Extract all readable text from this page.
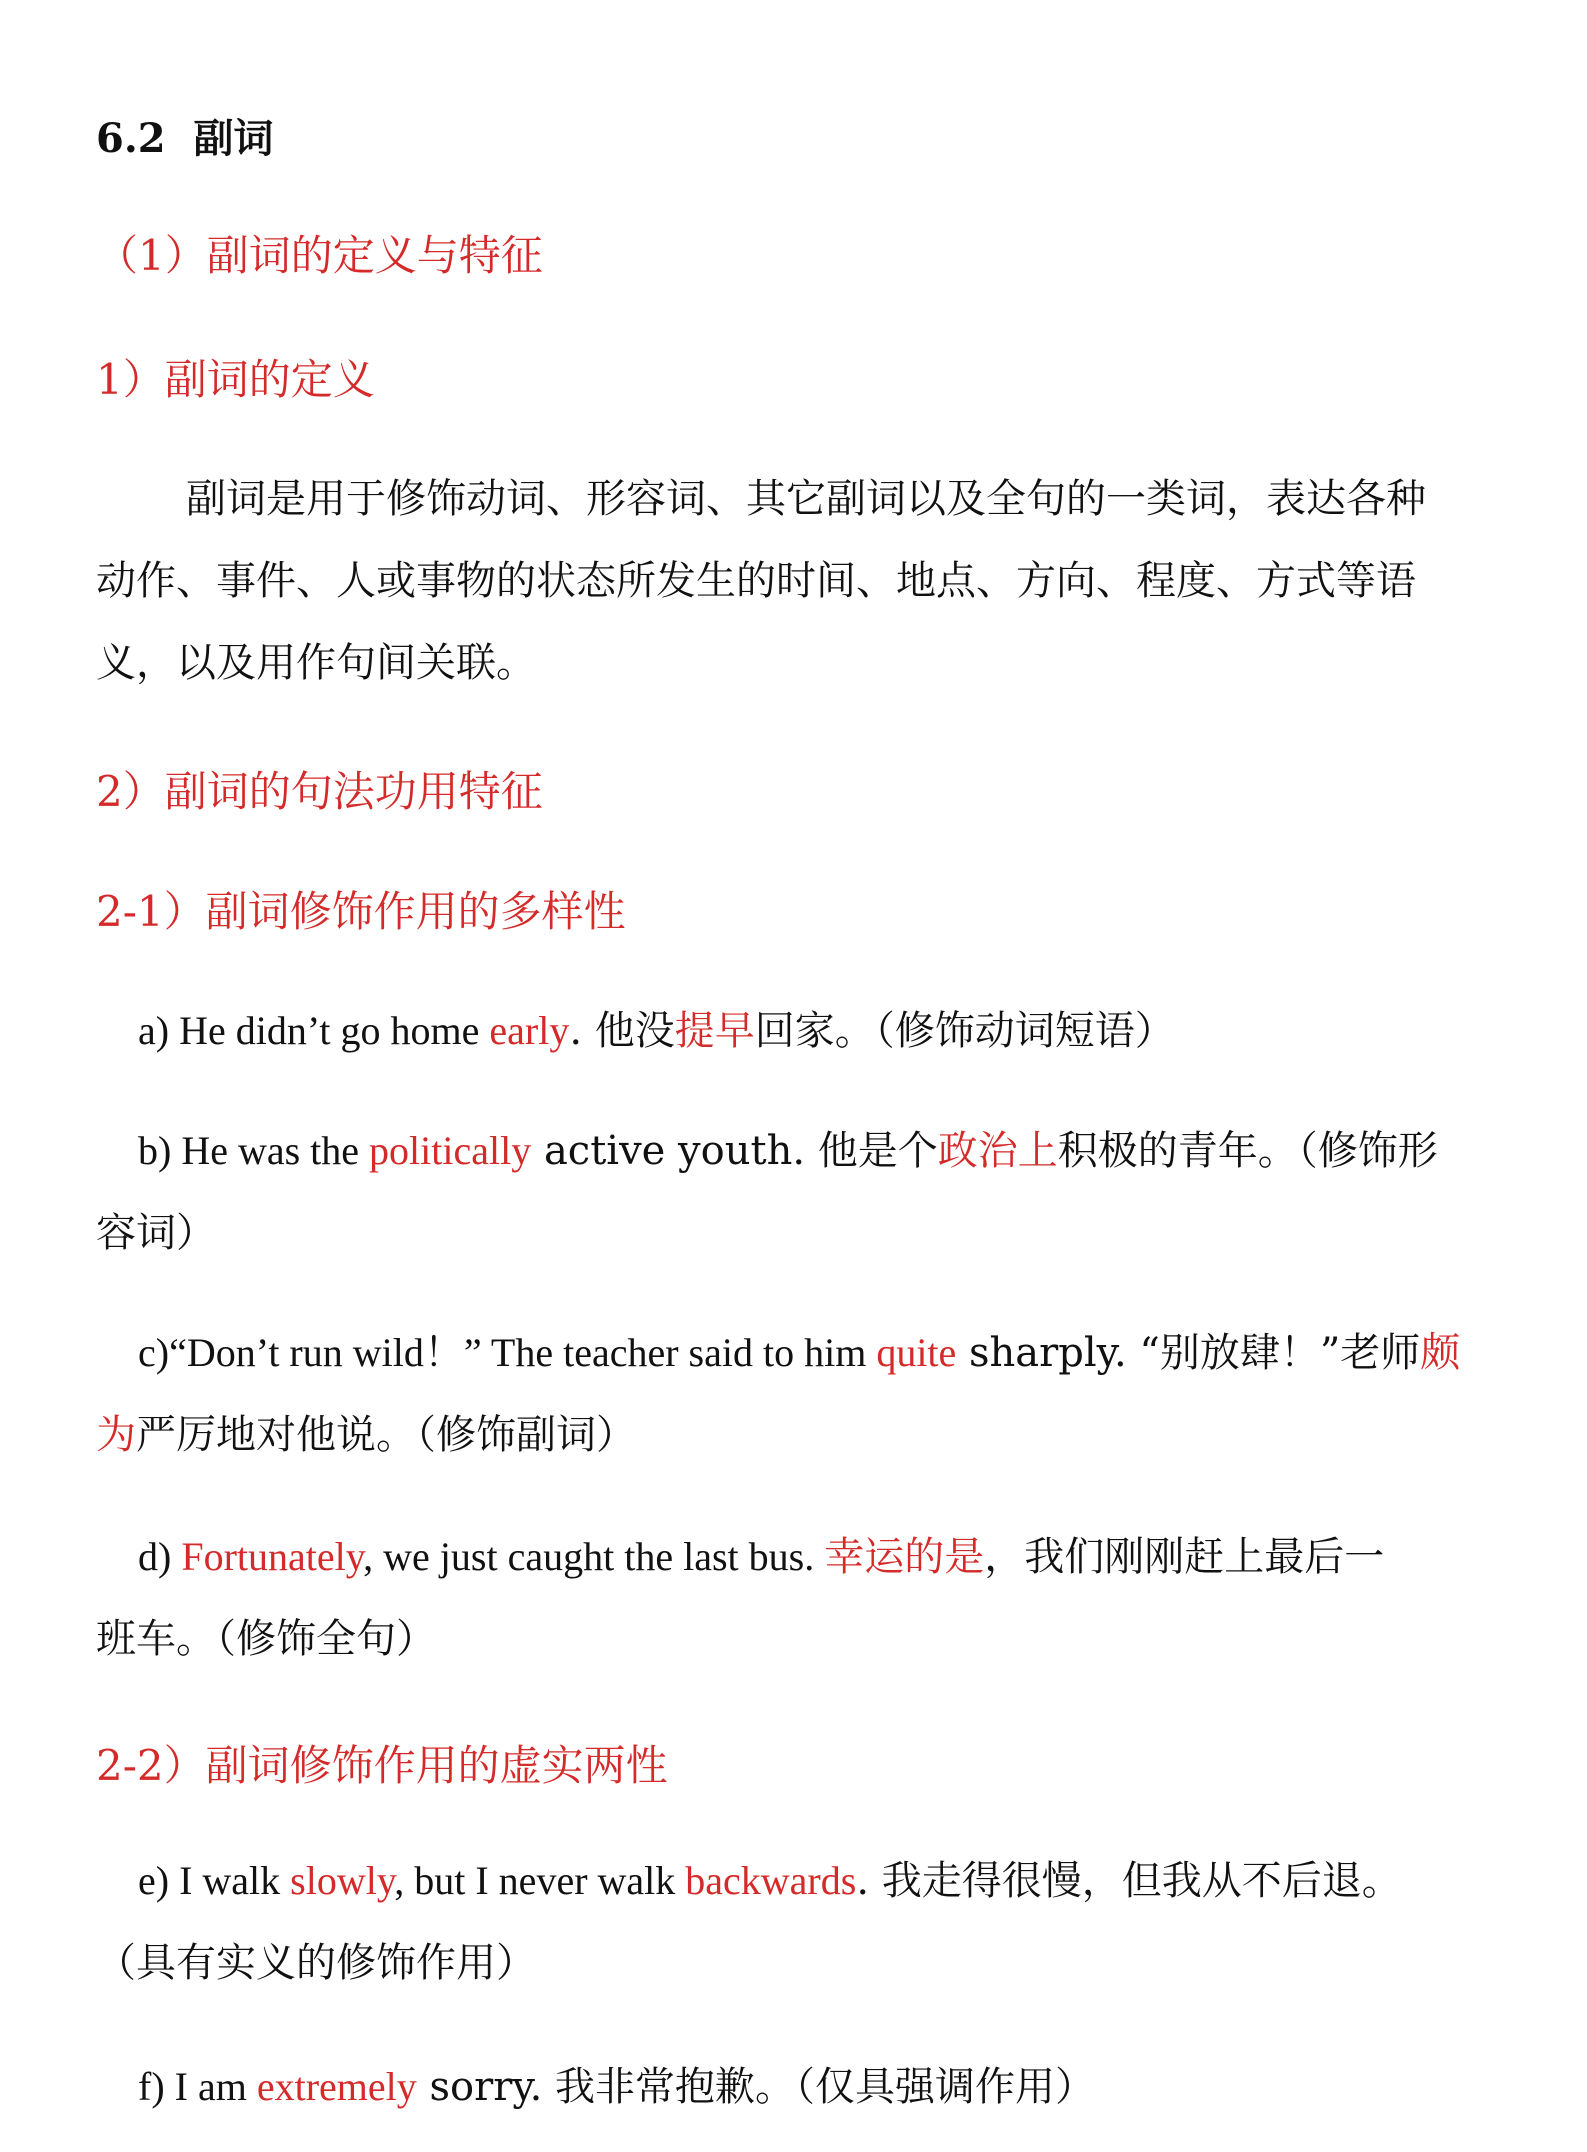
6.2 副词
（1）副词的定义与特征
1）副词的定义
副词是用于修饰动词、形容词、其它副词以及全句的一类词，表达各种
动作、事件、人或事物的状态所发生的时间、地点、方向、程度、方式等语
义，以及用作句间关联。
2）副词的句法功用特征
2-1）副词修饰作用的多样性
a) He didn’t go home early. 他没提早回家。（修饰动词短语）
b) He was the politically active youth. 他是个政治上积极的青年。（修饰形
容词）
c)“Don’t run wild！” The teacher said to him quite sharply. “别放肆！”老师颇
为严厉地对他说。（修饰副词）
d) Fortunately, we just caught the last bus. 幸运的是，我们刚刚赶上最后一
班车。（修饰全句）
2-2）副词修饰作用的虚实两性
e) I walk slowly, but I never walk backwards. 我走得很慢，但我从不后退。
（具有实义的修饰作用）
f) I am extremely sorry. 我非常抱歉。（仅具强调作用）
